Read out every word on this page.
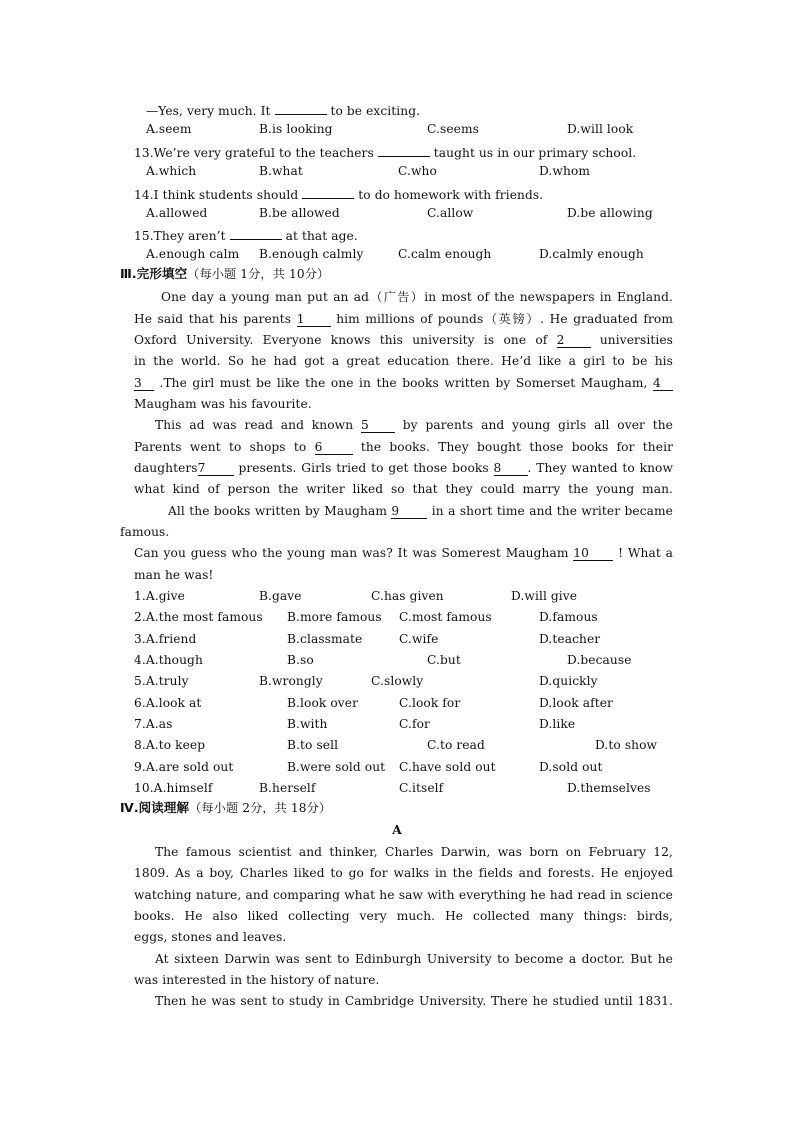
—Yes, very much. It	to be exciting.
A.seem	B.is looking	C.seems	D.will look
13.We’re very grateful to the teachers	taught us in our primary school.
A.which	B.what	C.who	D.whom
14.I think students should	to do homework with friends.
A.allowed	B.be allowed	C.allow	D.be allowing
15.They aren’t	at that age.
A.enough calm B.enough calmly	C.calm enough	D.calmly enough
Ⅲ.完形填空（每小题 1分，共 10分）
One day a young man put an ad（广告）in most of the newspapers in England.
He said that his parents 1 him millions of pounds（英镑）. He graduated from
Oxford University. Everyone knows this university is one of 2 universities
in the world. So he had got a great education there. He’d like a girl to be his
3 .The girl must be like the one in the books written by Somerset Maugham, 4
Maugham was his favourite.
This ad was read and known 5	by parents and young girls all over the
Parents went to shops to 6 the books. They bought those books for their
daughters7 presents. Girls tried to get those books 8 . They wanted to know
what kind of person the writer liked so that they could marry the young man.
All the books written by Maugham 9 in a short time and the writer became
famous.
Can you guess who the young man was? It was Somerest Maugham 10 ! What a
man he was!
1.A.give	B.gave	C.has given	D.will give
2.A.the most famous B.more famous C.most famous	D.famous
3.A.friend	B.classmate	C.wife	D.teacher
4.A.though	B.so	C.but	D.because
5.A.truly	B.wrongly	C.slowly	D.quickly
6.A.look at	B.look over	C.look for	D.look after
7.A.as	B.with	C.for	D.like
8.A.to keep	B.to sell	C.to read	D.to show
9.A.are sold out	B.were sold out C.have sold out	D.sold out
10.A.himself	B.herself	C.itself	D.themselves
Ⅳ.阅读理解（每小题 2分，共 18分）
A
The famous scientist and thinker, Charles Darwin, was born on February 12,
1809. As a boy, Charles liked to go for walks in the fields and forests. He enjoyed
watching nature, and comparing what he saw with everything he had read in science
books. He also liked collecting very much. He collected many things: birds,
eggs, stones and leaves.
At sixteen Darwin was sent to Edinburgh University to become a doctor. But he
was interested in the history of nature.
Then he was sent to study in Cambridge University. There he studied until 1831.
